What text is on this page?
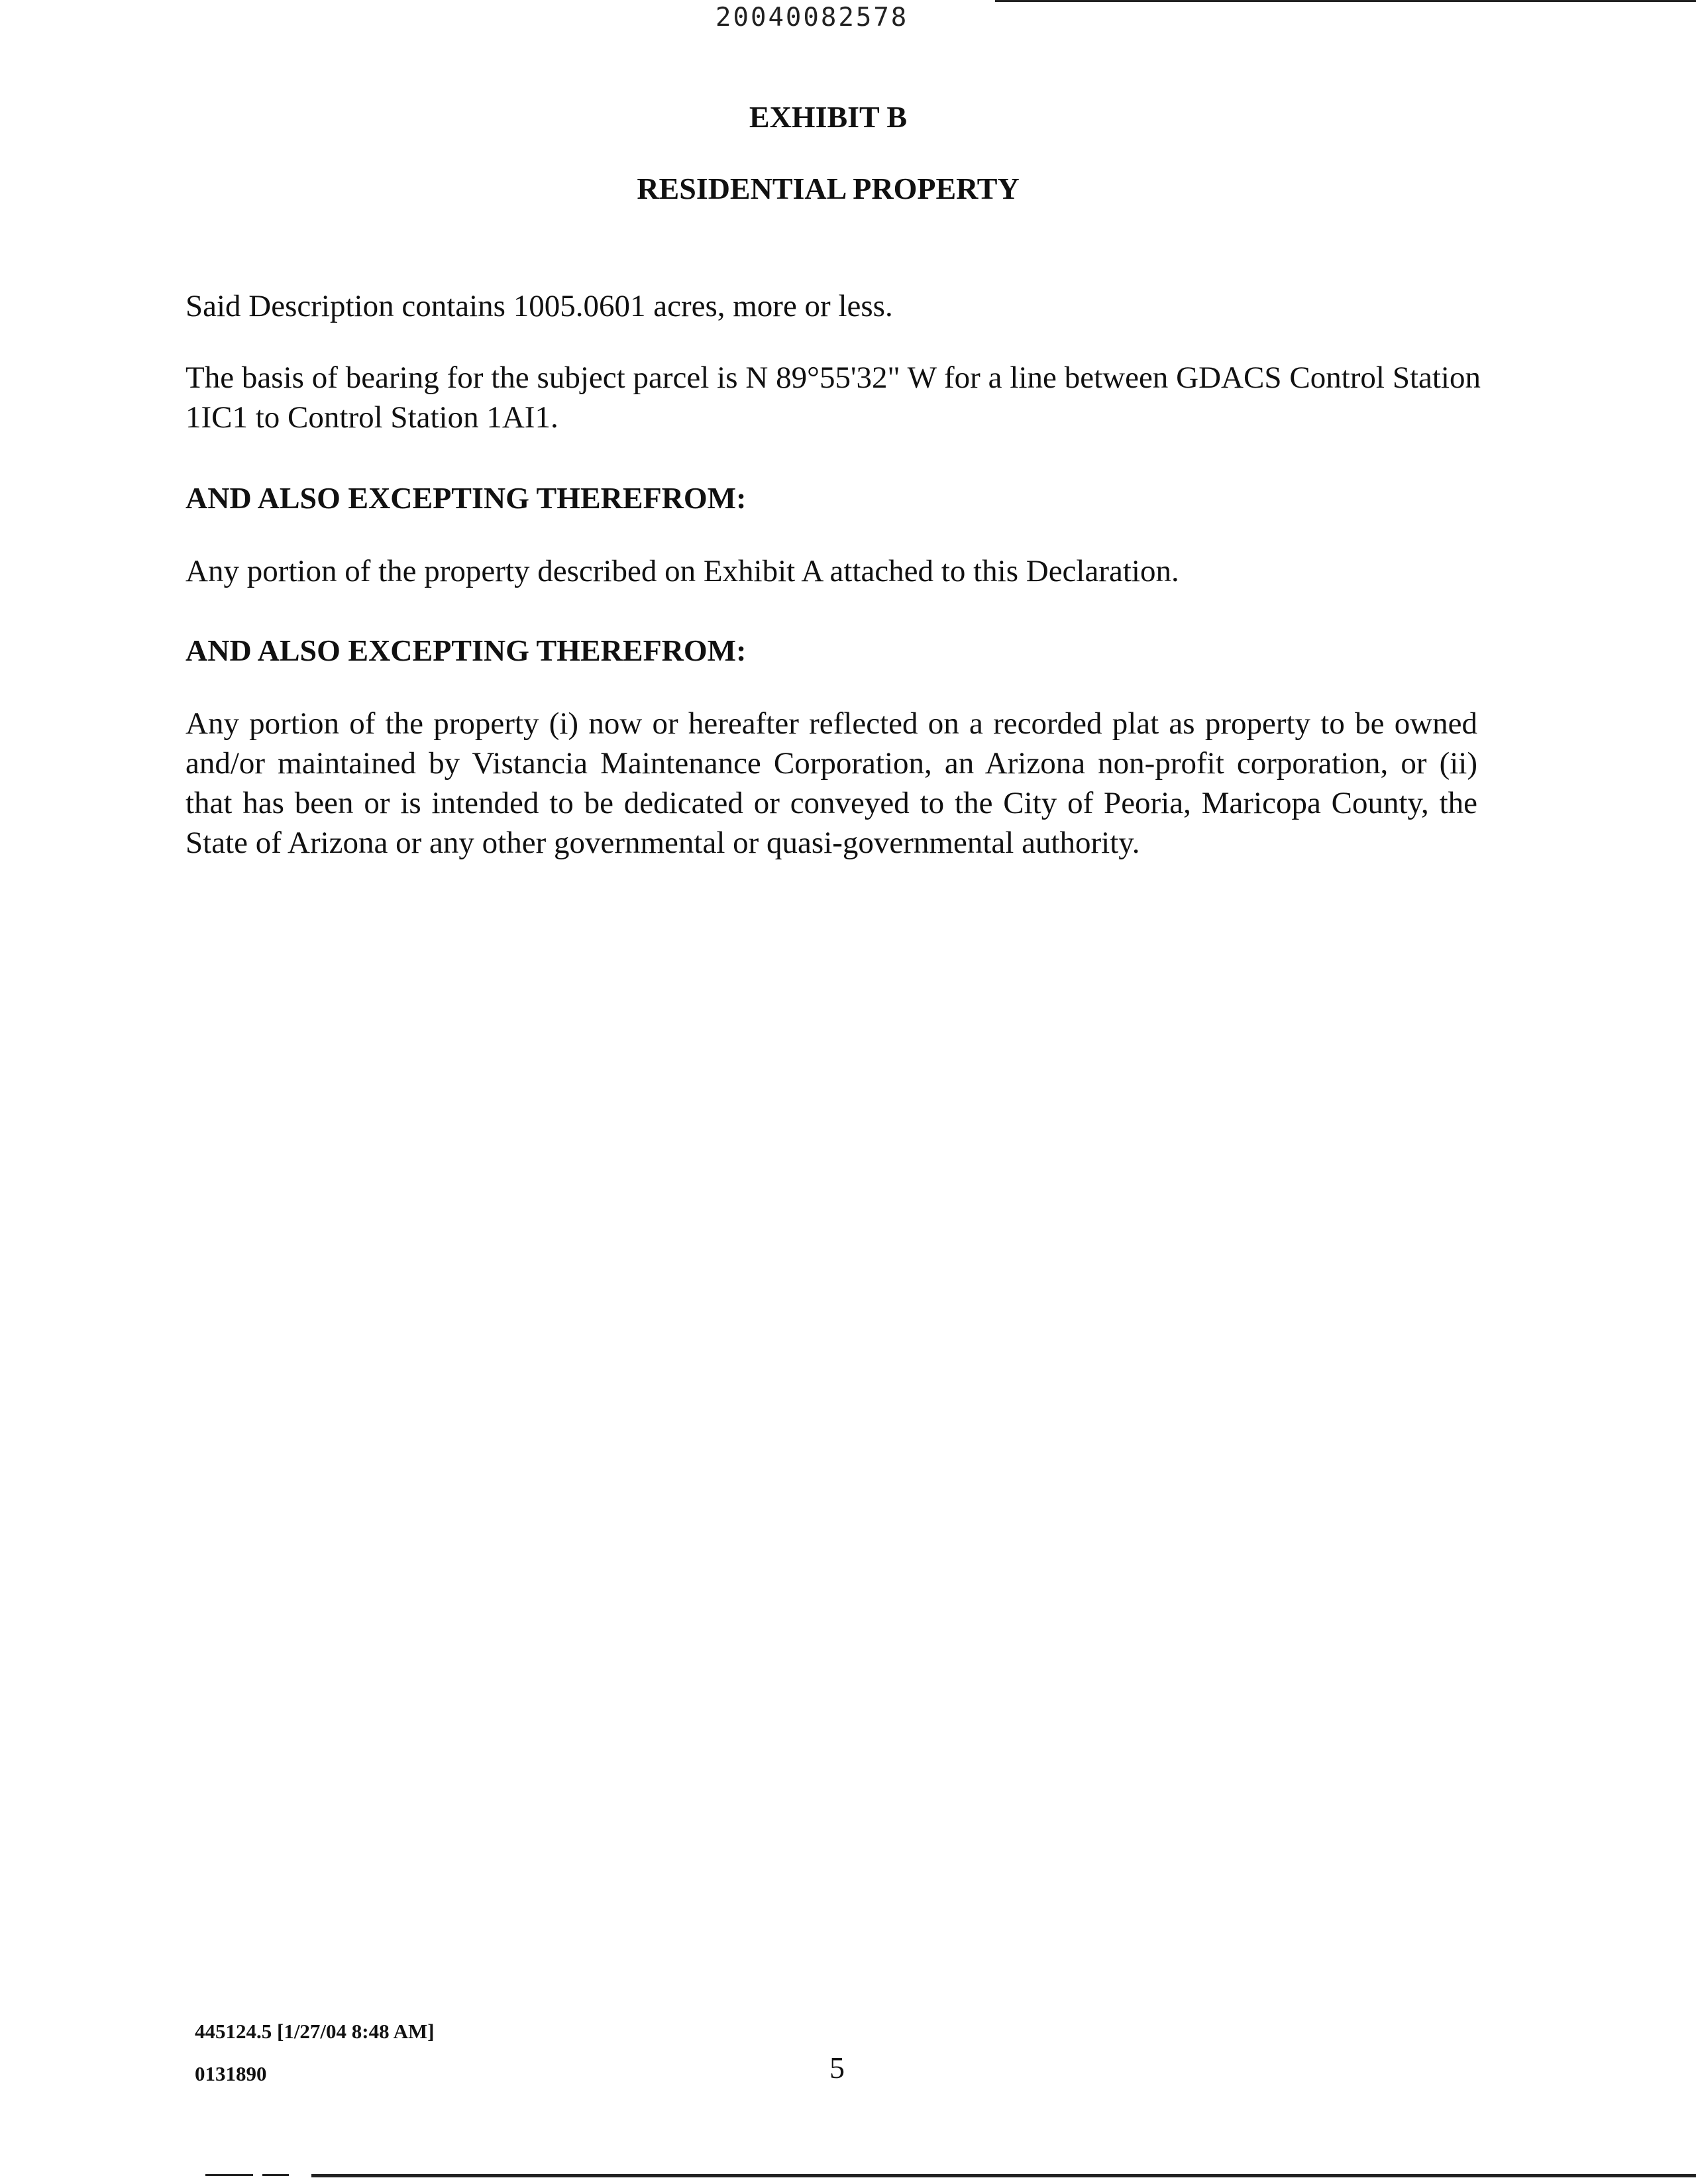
20040082578
EXHIBIT B
RESIDENTIAL PROPERTY
Said Description contains 1005.0601 acres, more or less.
The basis of bearing for the subject parcel is N 89°55'32" W for a line between GDACS Control Station 1IC1 to Control Station 1AI1.
AND ALSO EXCEPTING THEREFROM:
Any portion of the property described on Exhibit A attached to this Declaration.
AND ALSO EXCEPTING THEREFROM:
Any portion of the property (i) now or hereafter reflected on a recorded plat as property to be owned and/or maintained by Vistancia Maintenance Corporation, an Arizona non-profit corporation, or (ii) that has been or is intended to be dedicated or conveyed to the City of Peoria, Maricopa County, the State of Arizona or any other governmental or quasi-governmental authority.
445124.5 [1/27/04 8:48 AM]
0131890	5
